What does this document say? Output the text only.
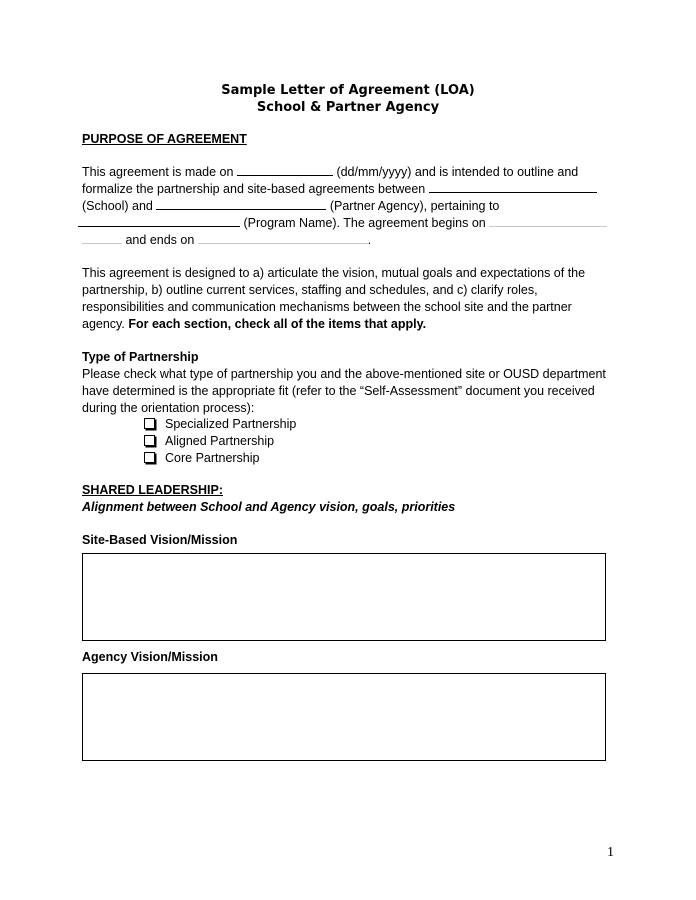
Sample Letter of Agreement (LOA)
School & Partner Agency
PURPOSE OF AGREEMENT
This agreement is made on	(dd/mm/yyyy) and is intended to outline and
formalize the partnership and site-based agreements between
(School) and	(Partner Agency), pertaining to
(Program Name). The agreement begins on
and ends on	.
This agreement is designed to a) articulate the vision, mutual goals and expectations of the
partnership, b) outline current services, staffing and schedules, and c) clarify roles,
responsibilities and communication mechanisms between the school site and the partner
agency. For each section, check all of the items that apply.
Type of Partnership
Please check what type of partnership you and the above-mentioned site or OUSD department
have determined is the appropriate fit (refer to the “Self-Assessment” document you received
during the orientation process):
Specialized Partnership
Aligned Partnership
Core Partnership
SHARED LEADERSHIP:
Alignment between School and Agency vision, goals, priorities
Site-Based Vision/Mission
Agency Vision/Mission
1
